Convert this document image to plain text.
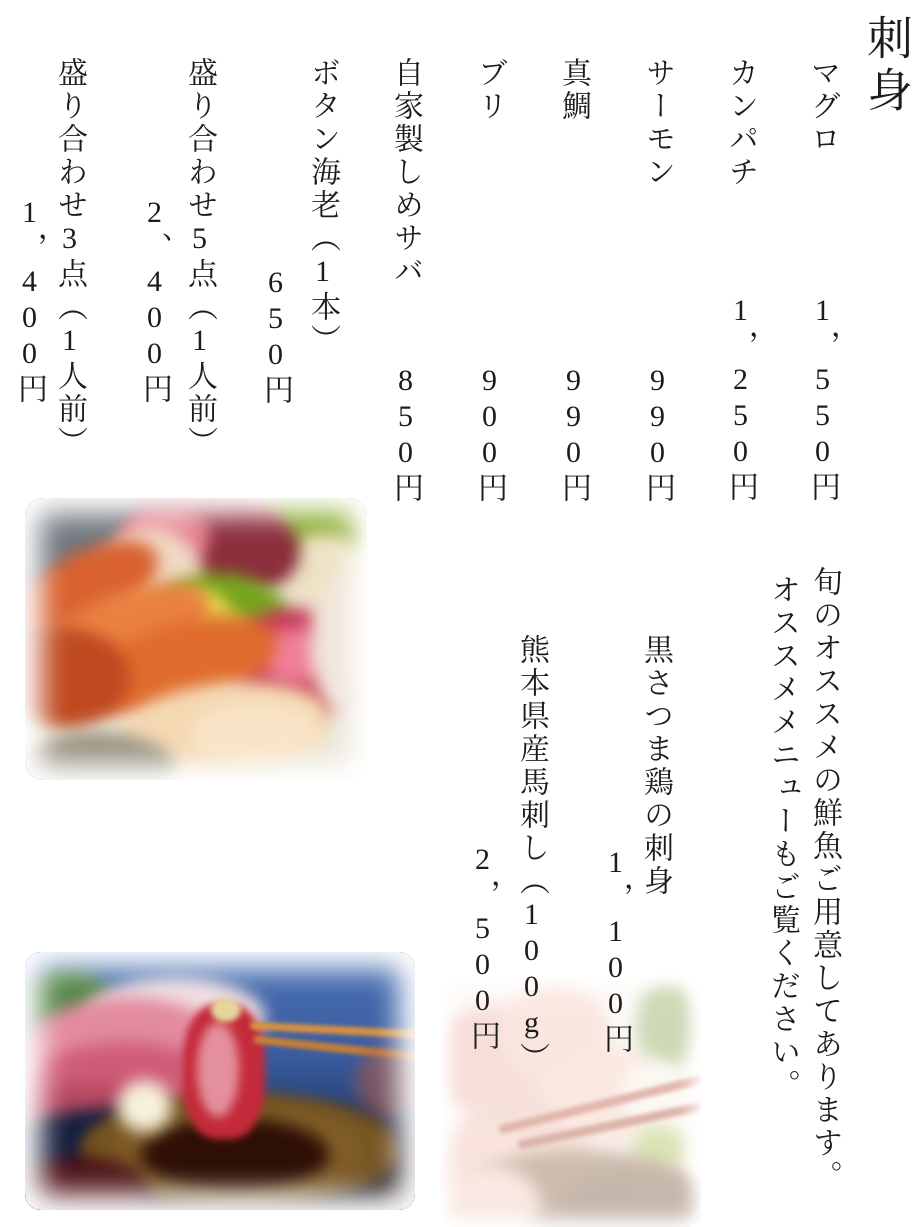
刺身
マグロ
1，550円
カンパチ
1，250円
サーモン
990円
真鯛
990円
ブリ
900円
自家製しめサバ
850円
ボタン海老（1本）
650円
盛り合わせ5点（1人前）
2、400円
盛り合わせ3点（1人前）
1，400円
旬のオススメの鮮魚ご用意してあります。
オススメメニューもご覧ください。
黒さつま鶏の刺身
1，100円
熊本県産馬刺し（100g）
2，500円
